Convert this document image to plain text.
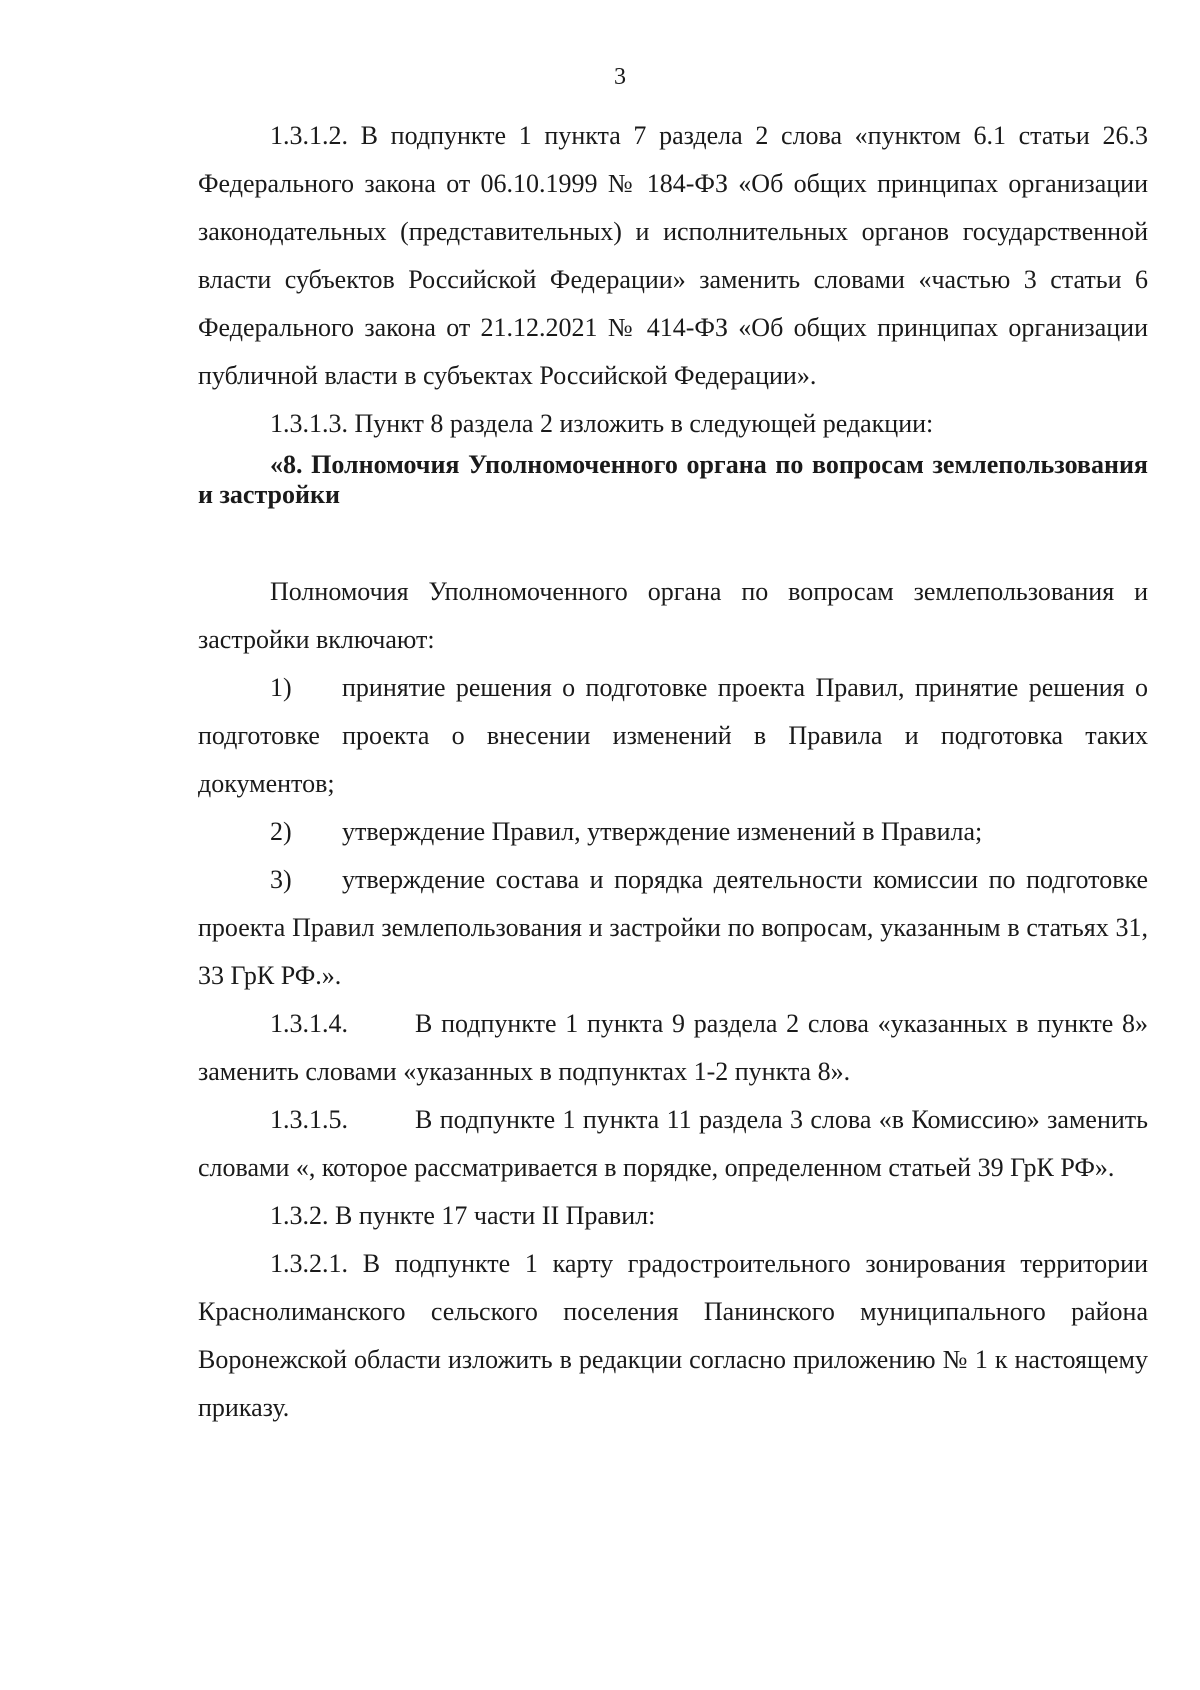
3

1.3.1.2. В подпункте 1 пункта 7 раздела 2 слова «пунктом 6.1 статьи 26.3 Федерального закона от 06.10.1999 № 184-ФЗ «Об общих принципах организации законодательных (представительных) и исполнительных органов государственной власти субъектов Российской Федерации» заменить словами «частью 3 статьи 6 Федерального закона от 21.12.2021 № 414-ФЗ «Об общих принципах организации публичной власти в субъектах Российской Федерации».

1.3.1.3. Пункт 8 раздела 2 изложить в следующей редакции:

«8. Полномочия Уполномоченного органа по вопросам землепользования и застройки

Полномочия Уполномоченного органа по вопросам землепользования и застройки включают:

1) принятие решения о подготовке проекта Правил, принятие решения о подготовке проекта о внесении изменений в Правила и подготовка таких документов;

2) утверждение Правил, утверждение изменений в Правила;

3) утверждение состава и порядка деятельности комиссии по подготовке проекта Правил землепользования и застройки по вопросам, указанным в статьях 31, 33 ГрК РФ.».

1.3.1.4.	В подпункте 1 пункта 9 раздела 2 слова «указанных в пункте 8» заменить словами «указанных в подпунктах 1-2 пункта 8».

1.3.1.5.	В подпункте 1 пункта 11 раздела 3 слова «в Комиссию» заменить словами «, которое рассматривается в порядке, определенном статьей 39 ГрК РФ».

1.3.2. В пункте 17 части II Правил:

1.3.2.1. В подпункте 1 карту градостроительного зонирования территории Краснолиманского сельского поселения Панинского муниципального района Воронежской области изложить в редакции согласно приложению № 1 к настоящему приказу.
